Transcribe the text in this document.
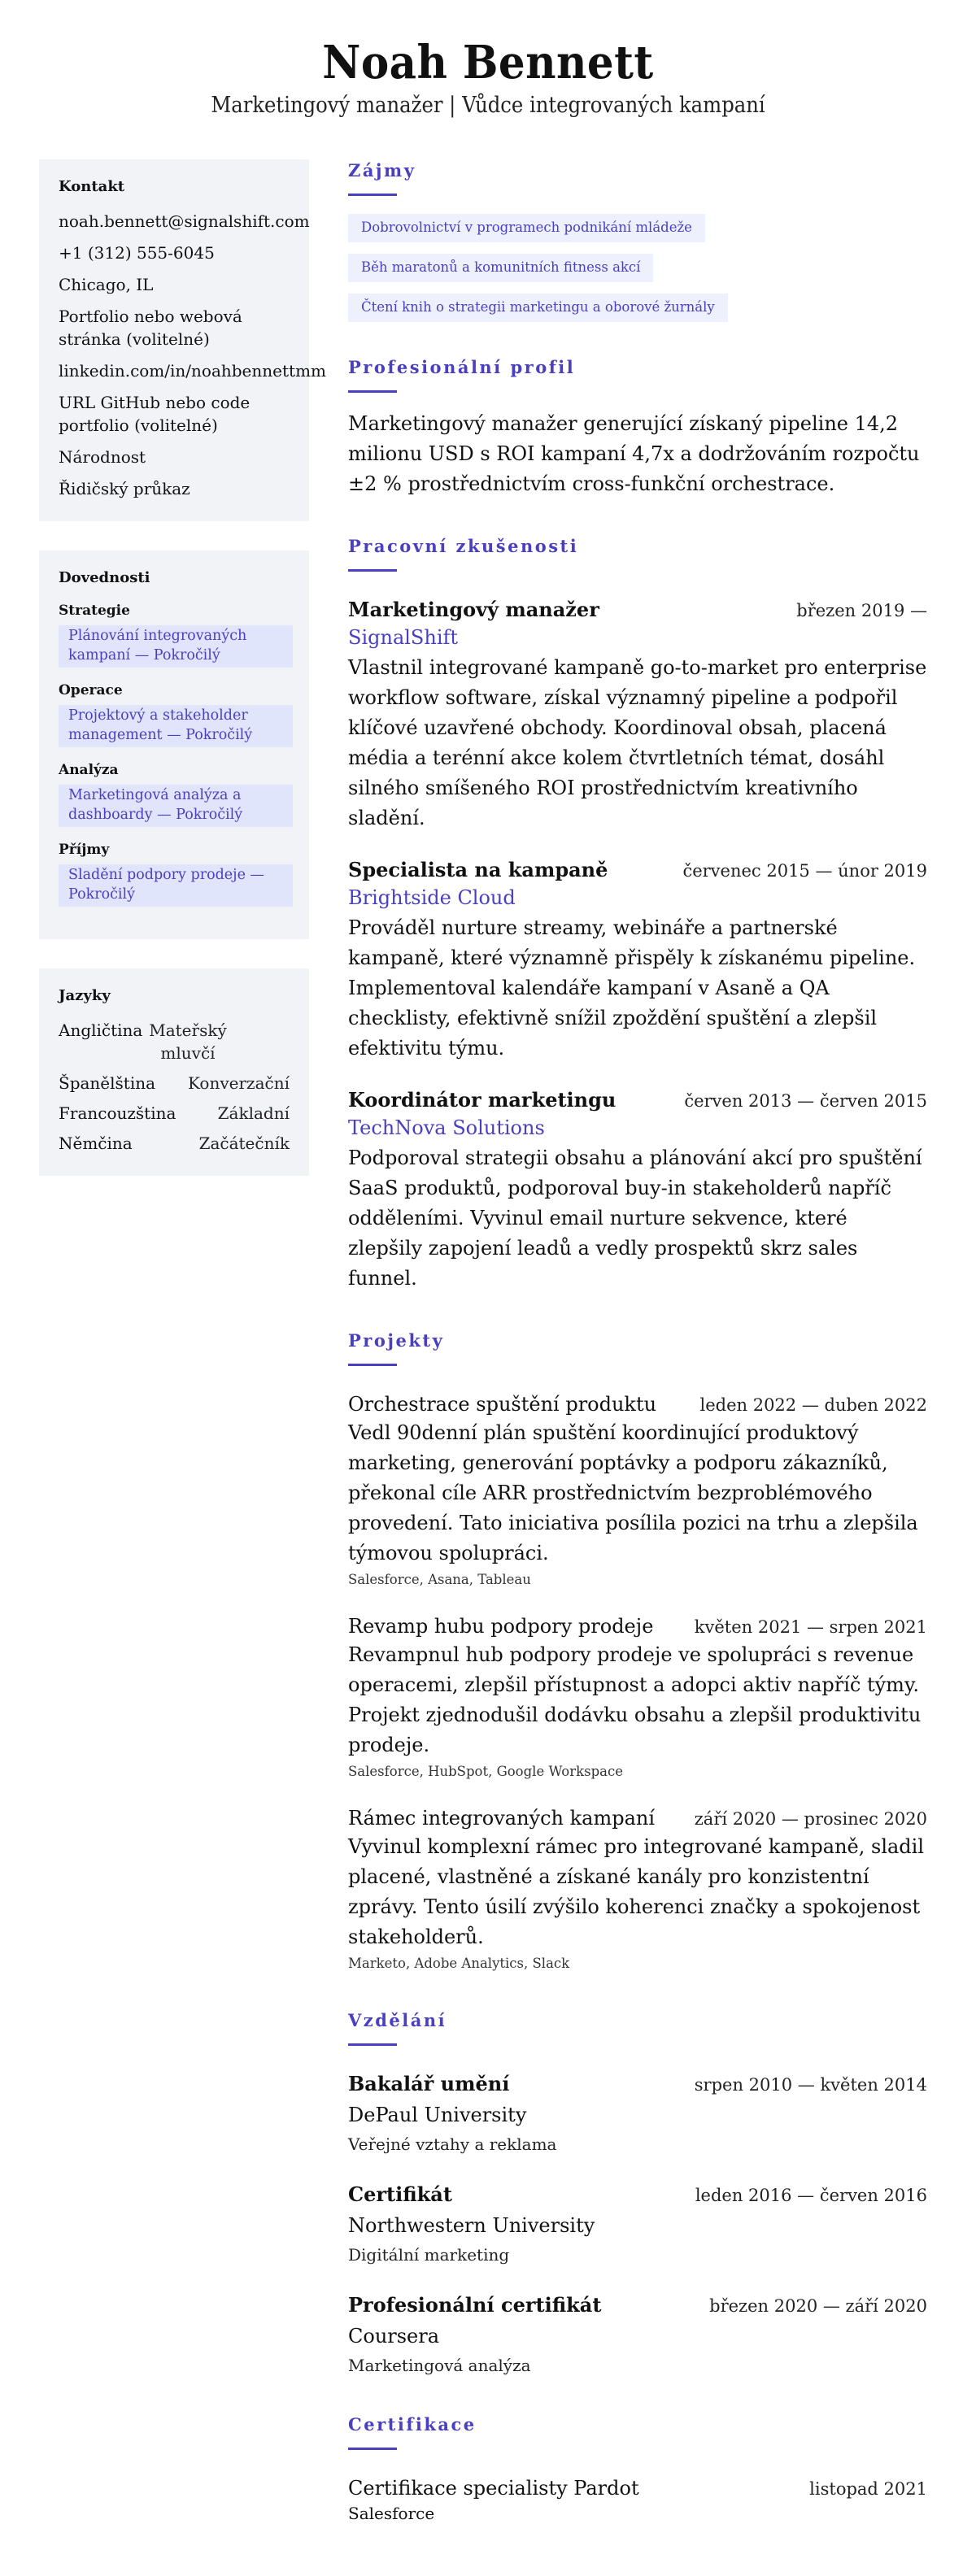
Noah Bennett
Marketingový manažer | Vůdce integrovaných kampaní
Kontakt
noah.bennett@signalshift.com
+1 (312) 555-6045
Chicago, IL
Portfolio nebo webová stránka (volitelné)
linkedin.com/in/noahbennettmm
URL GitHub nebo code portfolio (volitelné)
Národnost
Řidičský průkaz
Dovednosti
Strategie
Plánování integrovaných kampaní — Pokročilý
Operace
Projektový a stakeholder management — Pokročilý
Analýza
Marketingová analýza a dashboardy — Pokročilý
Příjmy
Sladění podpory prodeje — Pokročilý
Jazyky
Angličtina Mateřský mluvčí
Španělština Konverzační
Francouzština	Základní
Němčina	Začátečník
Zájmy
Dobrovolnictví v programech podnikání mládeže
Běh maratonů a komunitních fitness akcí
Čtení knih o strategii marketingu a oborové žurnály
Profesionální profil
Marketingový manažer generující získaný pipeline 14,2 milionu USD s ROI kampaní 4,7x a dodržováním rozpočtu ±2 % prostřednictvím cross-funkční orchestrace.
Pracovní zkušenosti
Marketingový manažer	březen 2019 —
SignalShift
Vlastnil integrované kampaně go-to-market pro enterprise workflow software, získal významný pipeline a podpořil klíčové uzavřené obchody. Koordinoval obsah, placená média a terénní akce kolem čtvrtletních témat, dosáhl silného smíšeného ROI prostřednictvím kreativního sladění.
Specialista na kampaně	červenec 2015 — únor 2019
Brightside Cloud
Prováděl nurture streamy, webináře a partnerské kampaně, které významně přispěly k získanému pipeline. Implementoval kalendáře kampaní v Asaně a QA checklisty, efektivně snížil zpoždění spuštění a zlepšil efektivitu týmu.
Koordinátor marketingu	červen 2013 — červen 2015
TechNova Solutions
Podporoval strategii obsahu a plánování akcí pro spuštění SaaS produktů, podporoval buy-in stakeholderů napříč odděleními. Vyvinul email nurture sekvence, které zlepšily zapojení leadů a vedly prospektů skrz sales funnel.
Projekty
Orchestrace spuštění produktu	leden 2022 — duben 2022
Vedl 90denní plán spuštění koordinující produktový marketing, generování poptávky a podporu zákazníků, překonal cíle ARR prostřednictvím bezproblémového provedení. Tato iniciativa posílila pozici na trhu a zlepšila týmovou spolupráci.
Salesforce, Asana, Tableau
Revamp hubu podpory prodeje květen 2021 — srpen 2021
Revampnul hub podpory prodeje ve spolupráci s revenue operacemi, zlepšil přístupnost a adopci aktiv napříč týmy. Projekt zjednodušil dodávku obsahu a zlepšil produktivitu prodeje.
Salesforce, HubSpot, Google Workspace
Rámec integrovaných kampaní září 2020 — prosinec 2020
Vyvinul komplexní rámec pro integrované kampaně, sladil placené, vlastněné a získané kanály pro konzistentní zprávy. Tento úsilí zvýšilo koherenci značky a spokojenost stakeholderů.
Marketo, Adobe Analytics, Slack
Vzdělání
Bakalář umění	srpen 2010 — květen 2014
DePaul University
Veřejné vztahy a reklama
Certifikát	leden 2016 — červen 2016
Northwestern University
Digitální marketing
Profesionální certifikát	březen 2020 — září 2020
Coursera
Marketingová analýza
Certifikace
Certifikace specialisty Pardot	listopad 2021
Salesforce
